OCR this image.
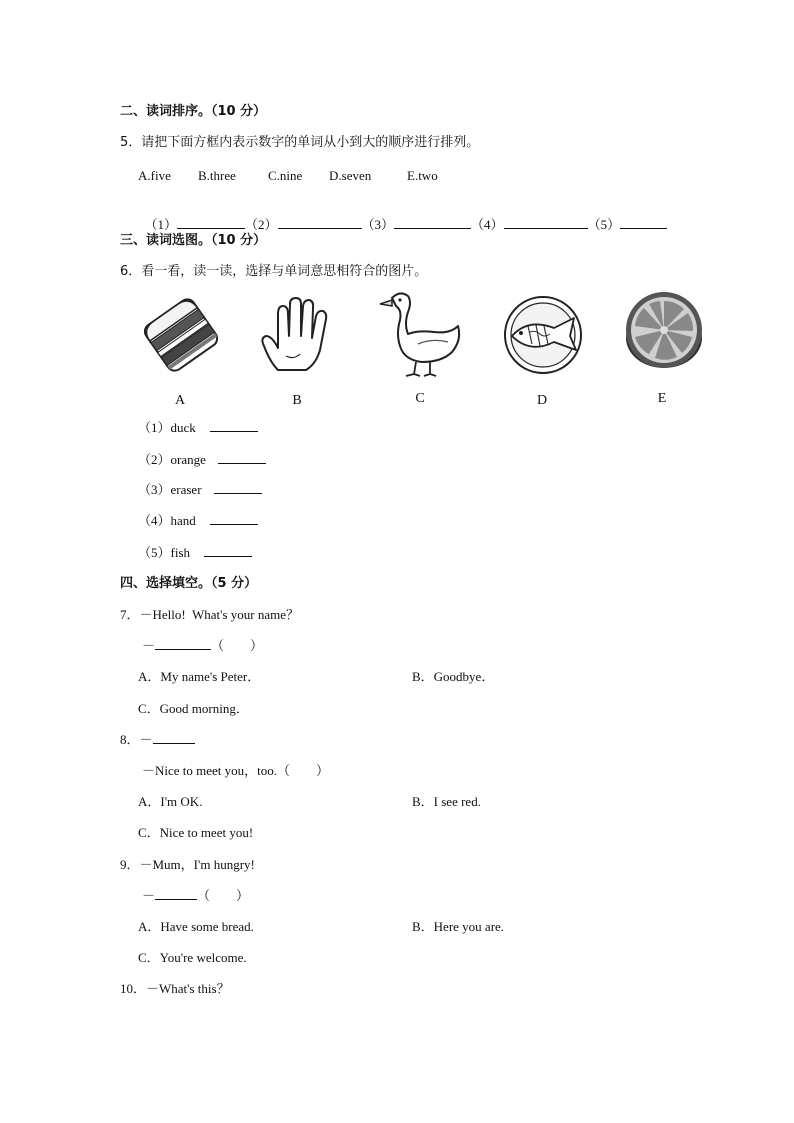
二、读词排序。（10 分）
5．请把下面方框内表示数字的单词从小到大的顺序进行排列。
A.five B.three C.nine D.seven	E.two

（1）	（2）	（3）	（4）	（5）

三、读词选图。（10 分）
6．看一看，读一读，选择与单词意思相符合的图片。
A	B	C	D	E
（1）duck
（2）orange
（3）eraser
（4）hand
（5）fish
四、选择填空。（5 分）
7．－Hello!  What's your name？
－	（　　）
A．My name's Peter．	B．Goodbye．
C．Good morning．
8．－
－Nice to meet you，too.（　　）
A．I'm OK.	B．I see red.
C．Nice to meet you!
9．－Mum，I'm hungry!
－	（　　）
A．Have some bread.	B．Here you are.
C．You're welcome.
10．－What's this？
